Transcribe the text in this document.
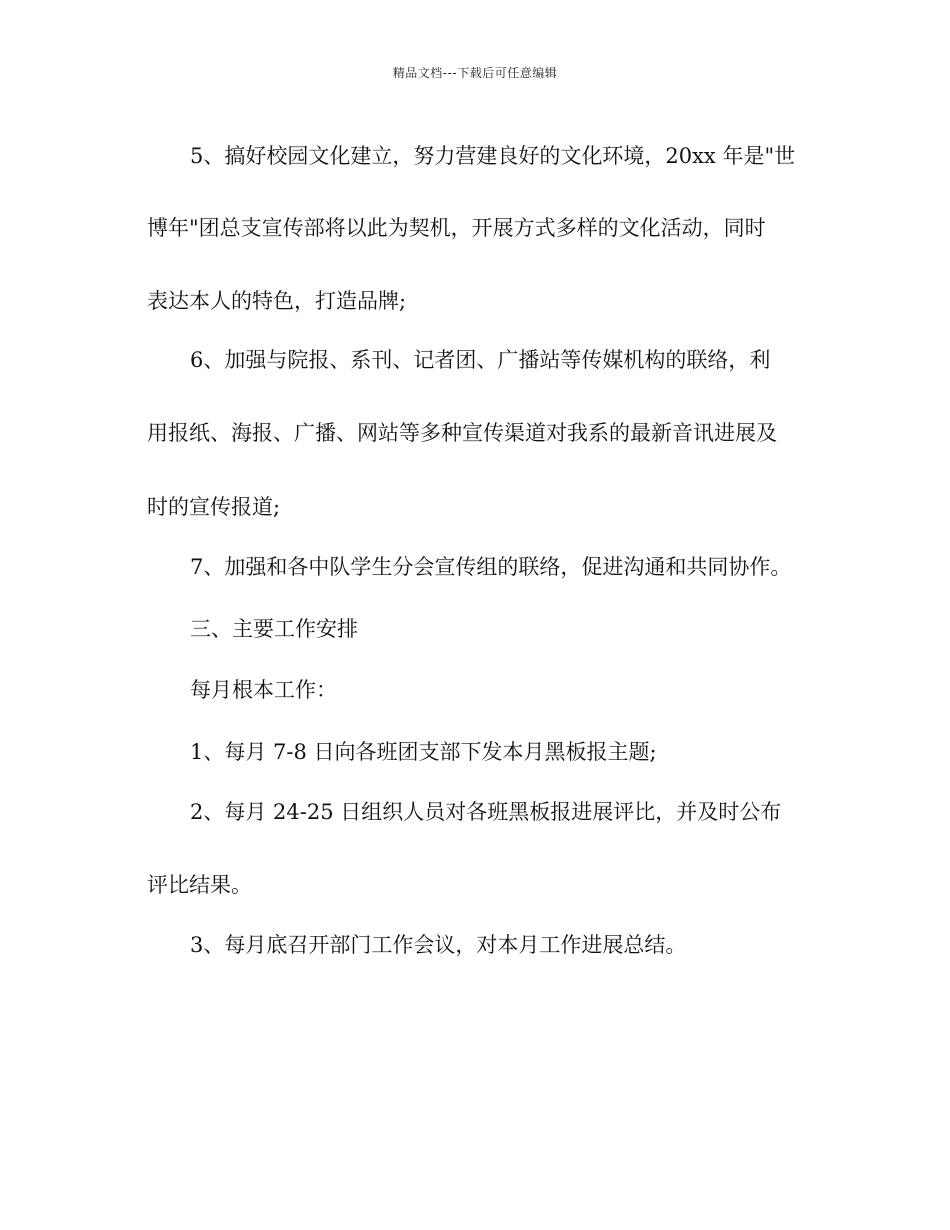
精品文档---下载后可任意编辑
5、搞好校园文化建立，努力营建良好的文化环境，20xx 年是"世
博年"团总支宣传部将以此为契机，开展方式多样的文化活动，同时
表达本人的特色，打造品牌;
6、加强与院报、系刊、记者团、广播站等传媒机构的联络，利
用报纸、海报、广播、网站等多种宣传渠道对我系的最新音讯进展及
时的宣传报道;
7、加强和各中队学生分会宣传组的联络，促进沟通和共同协作。
三、主要工作安排
每月根本工作：
1、每月 7-8 日向各班团支部下发本月黑板报主题;
2、每月 24-25 日组织人员对各班黑板报进展评比，并及时公布
评比结果。
3、每月底召开部门工作会议，对本月工作进展总结。
